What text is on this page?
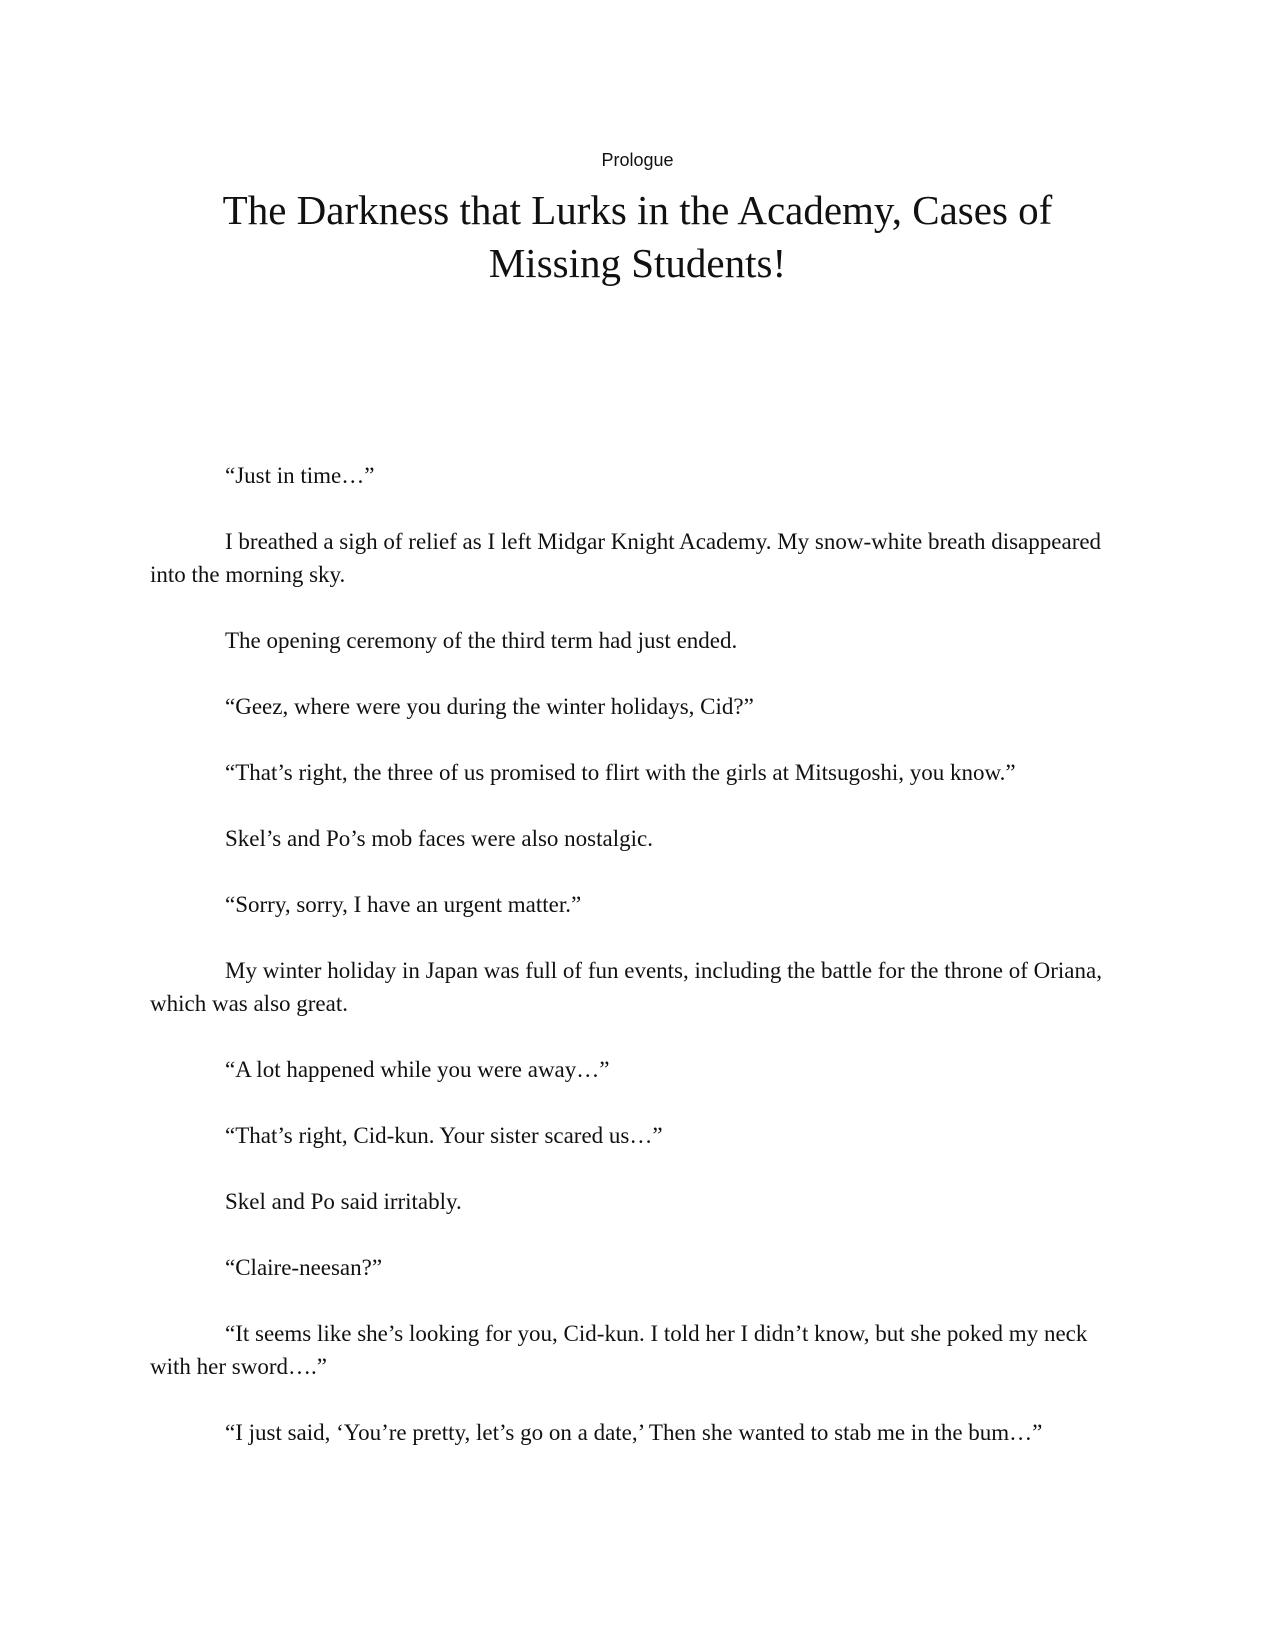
Prologue
The Darkness that Lurks in the Academy, Cases of Missing Students!

“Just in time…”

I breathed a sigh of relief as I left Midgar Knight Academy. My snow-white breath disappeared into the morning sky.

The opening ceremony of the third term had just ended.

“Geez, where were you during the winter holidays, Cid?”

“That’s right, the three of us promised to flirt with the girls at Mitsugoshi, you know.”

Skel’s and Po’s mob faces were also nostalgic.

“Sorry, sorry, I have an urgent matter.”

My winter holiday in Japan was full of fun events, including the battle for the throne of Oriana, which was also great.

“A lot happened while you were away…”

“That’s right, Cid-kun. Your sister scared us…”

Skel and Po said irritably.

“Claire-neesan?”

“It seems like she’s looking for you, Cid-kun. I told her I didn’t know, but she poked my neck with her sword….”

“I just said, ‘You’re pretty, let’s go on a date,’ Then she wanted to stab me in the bum…”
